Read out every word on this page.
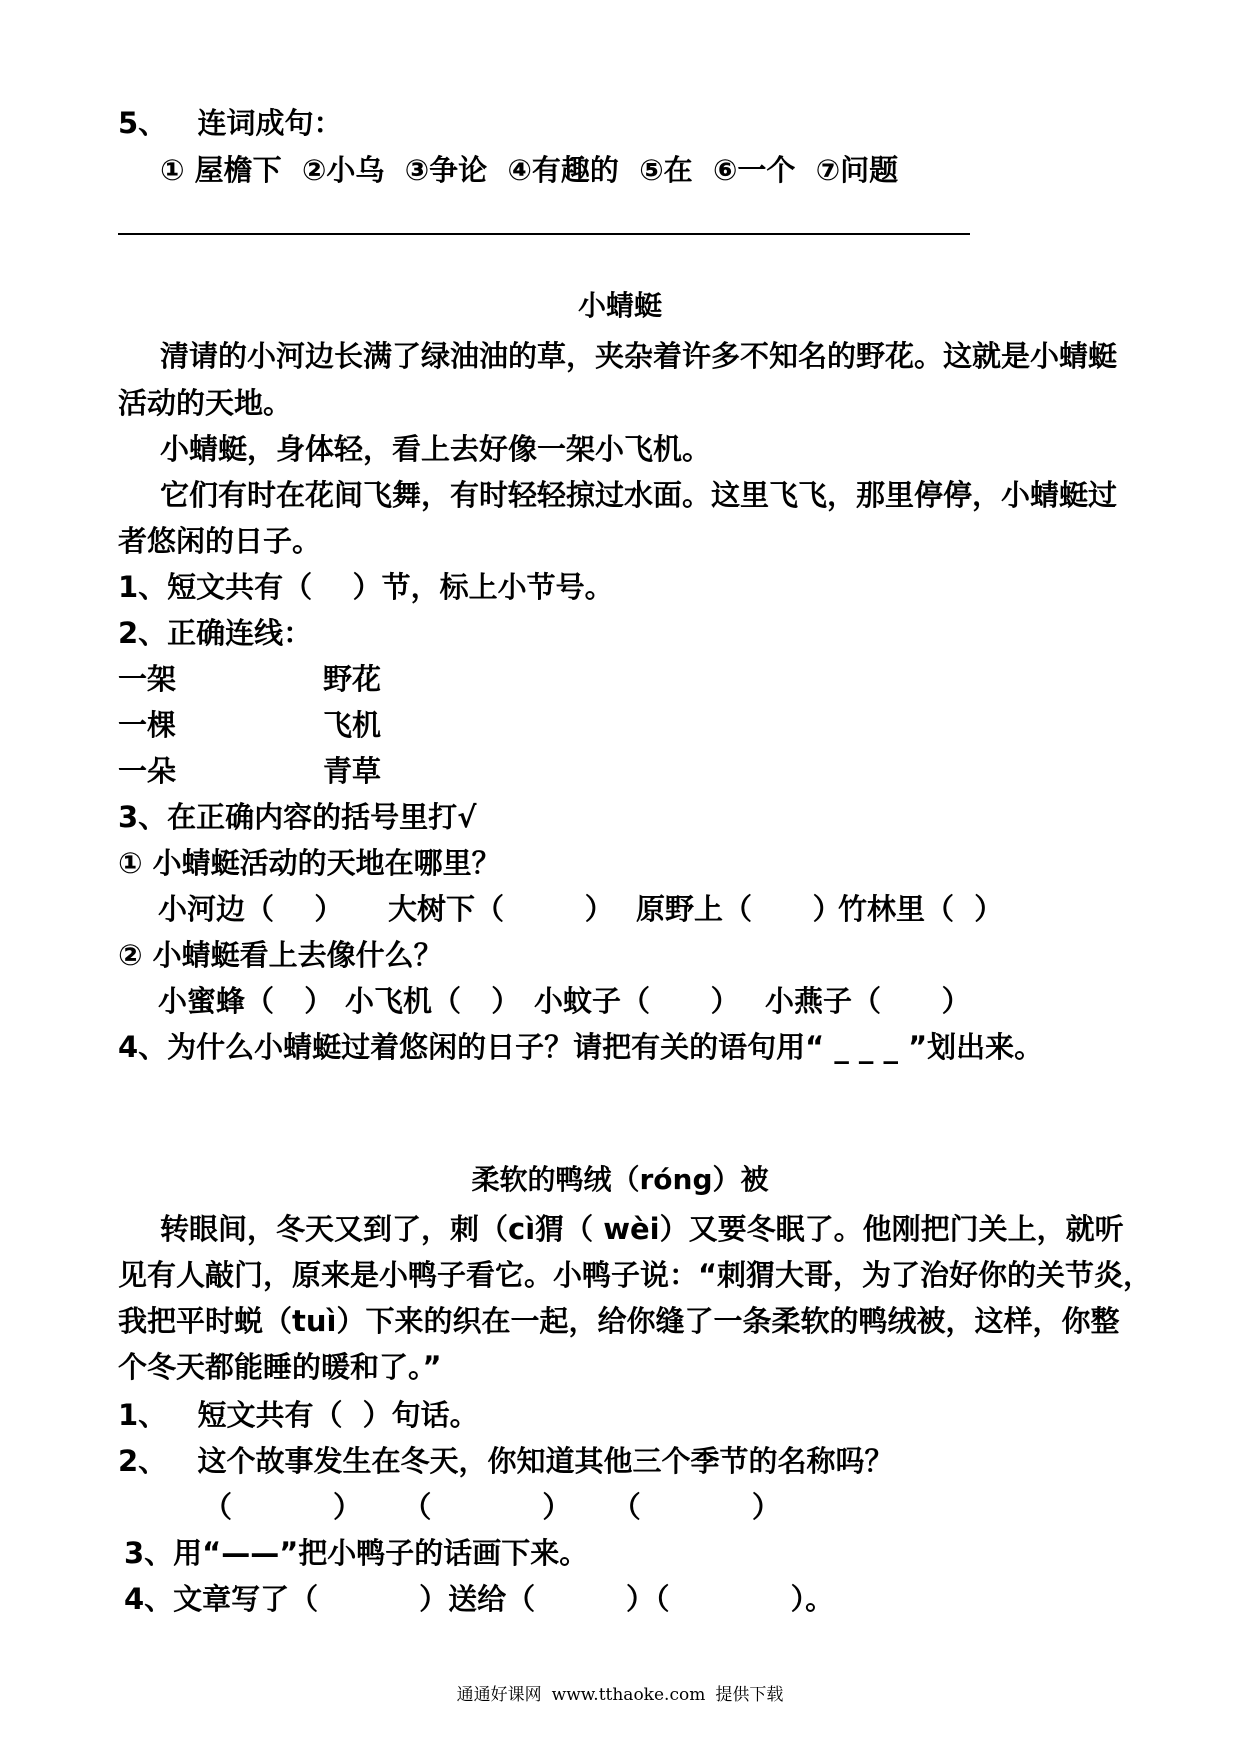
5、   连词成句：
① 屋檐下  ②小乌  ③争论  ④有趣的  ⑤在  ⑥一个  ⑦问题
小蜻蜓
清请的小河边长满了绿油油的草，夹杂着许多不知名的野花。这就是小蜻蜓
活动的天地。
小蜻蜓，身体轻，看上去好像一架小飞机。
它们有时在花间飞舞，有时轻轻掠过水面。这里飞飞，那里停停，小蜻蜓过
者悠闲的日子。
1、短文共有（    ）节，标上小节号。
2、正确连线：
一架	野花
一棵	飞机
一朵	青草
3、在正确内容的括号里打√
① 小蜻蜓活动的天地在哪里？
小河边（    ） 大树下（        ） 原野上（      ）
竹林里（  ）
② 小蜻蜓看上去像什么？
小蜜蜂（   ） 小飞机（   ） 小蚊子（      ） 小燕子（      ）
4、为什么小蜻蜓过着悠闲的日子？请把有关的语句用“ _ _ _ ”划出来。
柔软的鸭绒（róng）被
转眼间，冬天又到了，刺（cì猬（ wèi）又要冬眠了。他刚把门关上，就听
见有人敲门，原来是小鸭子看它。小鸭子说：“刺猬大哥，为了治好你的关节炎，
我把平时蜕（tuì）下来的织在一起，给你缝了一条柔软的鸭绒被，这样，你整
个冬天都能睡的暖和了。”
1、   短文共有（  ）句话。
2、   这个故事发生在冬天，你知道其他三个季节的名称吗？
（          ）    （           ）    （           ）
3、用“——”把小鸭子的话画下来。
4、文章写了（          ）送给（         ）（            ）。
通通好课网 www.tthaoke.com 提供下载
